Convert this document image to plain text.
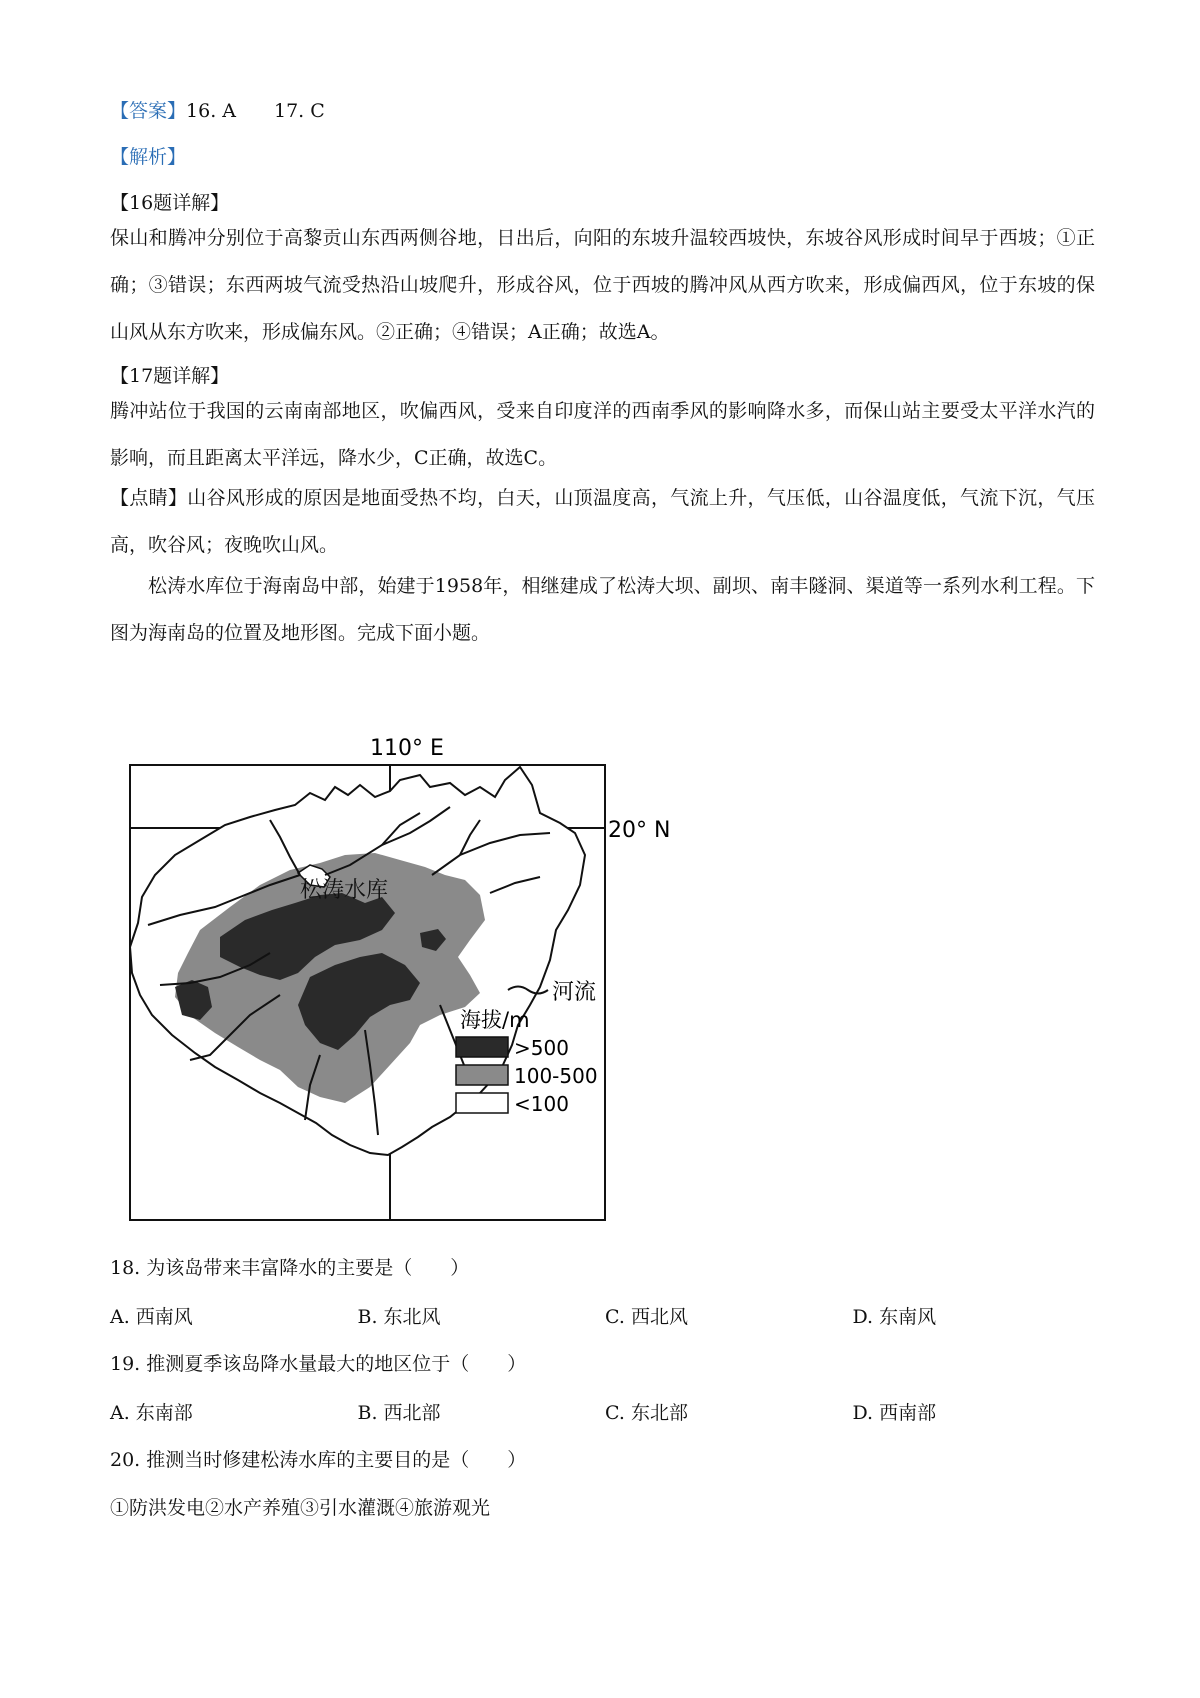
【答案】16. A　　17. C
【解析】
【16题详解】
保山和腾冲分别位于高黎贡山东西两侧谷地，日出后，向阳的东坡升温较西坡快，东坡谷风形成时间早于西坡；①正确；③错误；东西两坡气流受热沿山坡爬升，形成谷风，位于西坡的腾冲风从西方吹来，形成偏西风，位于东坡的保山风从东方吹来，形成偏东风。②正确；④错误；A正确；故选A。
【17题详解】
腾冲站位于我国的云南南部地区，吹偏西风，受来自印度洋的西南季风的影响降水多，而保山站主要受太平洋水汽的影响，而且距离太平洋远，降水少，C正确，故选C。
【点睛】山谷风形成的原因是地面受热不均，白天，山顶温度高，气流上升，气压低，山谷温度低，气流下沉，气压高，吹谷风；夜晚吹山风。
松涛水库位于海南岛中部，始建于1958年，相继建成了松涛大坝、副坝、南丰隧洞、渠道等一系列水利工程。下图为海南岛的位置及地形图。完成下面小题。
110° E
20° N
松涛水库
河流
海拔/m
>500
100-500
<100
18. 为该岛带来丰富降水的主要是（　　）
A. 西南风	B. 东北风	C. 西北风	D. 东南风
19. 推测夏季该岛降水量最大的地区位于（　　）
A. 东南部	B. 西北部	C. 东北部	D. 西南部
20. 推测当时修建松涛水库的主要目的是（　　）
①防洪发电②水产养殖③引水灌溉④旅游观光
